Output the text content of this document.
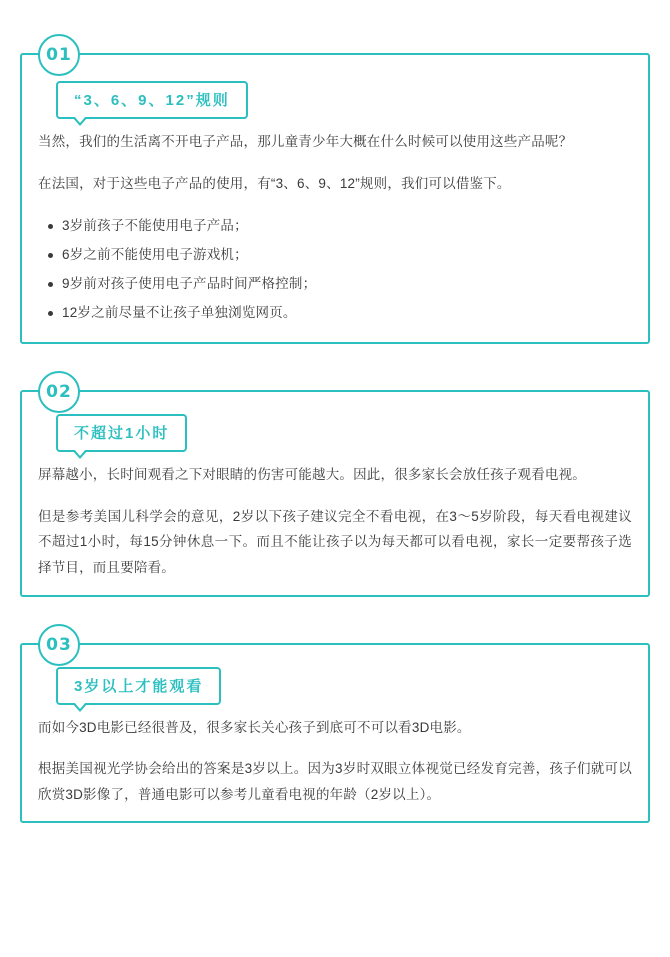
01
“3、6、9、12”规则

当然，我们的生活离不开电子产品，那儿童青少年大概在什么时候可以使用这些产品呢？

在法国，对于这些电子产品的使用，有“3、6、9、12”规则，我们可以借鉴下。

3岁前孩子不能使用电子产品；
6岁之前不能使用电子游戏机；
9岁前对孩子使用电子产品时间严格控制；
12岁之前尽量不让孩子单独浏览网页。
02
不超过1小时

屏幕越小，长时间观看之下对眼睛的伤害可能越大。因此，很多家长会放任孩子观看电视。

但是参考美国儿科学会的意见，2岁以下孩子建议完全不看电视，在3～5岁阶段，每天看电视建议不超过1小时，每15分钟休息一下。而且不能让孩子以为每天都可以看电视，家长一定要帮孩子选择节目，而且要陪看。

03
3岁以上才能观看

而如今3D电影已经很普及，很多家长关心孩子到底可不可以看3D电影。

根据美国视光学协会给出的答案是3岁以上。因为3岁时双眼立体视觉已经发育完善，孩子们就可以欣赏3D影像了，普通电影可以参考儿童看电视的年龄（2岁以上）。
